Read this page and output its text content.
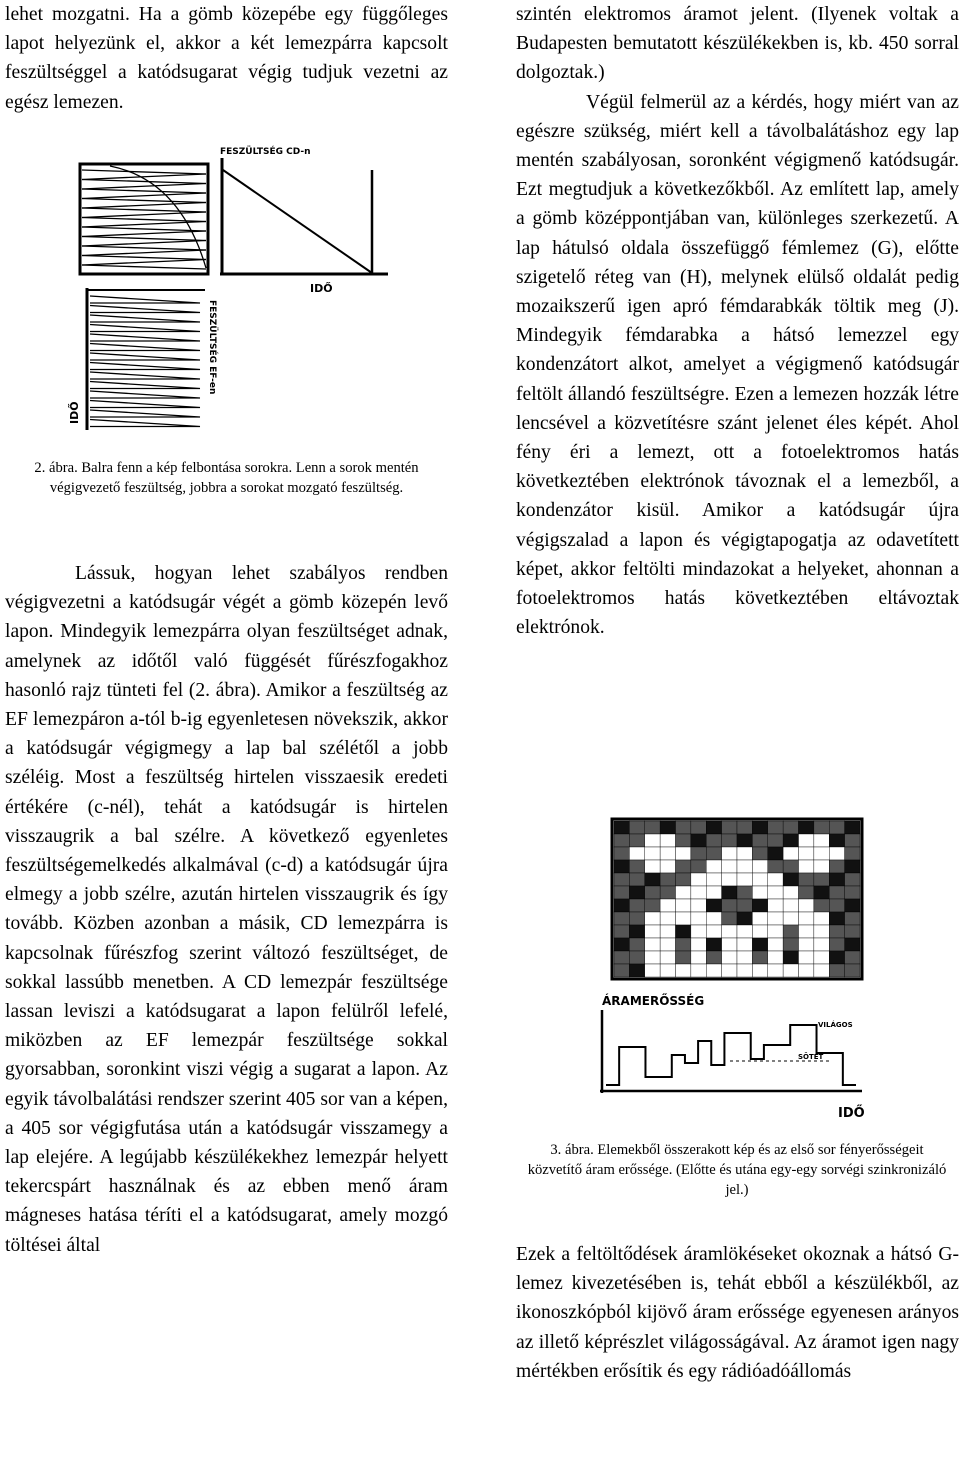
lehet mozgatni. Ha a gömb közepébe egy függőleges lapot helyezünk el, akkor a két lemezpárra kapcsolt feszültséggel a katódsugarat végig tudjuk vezetni az egész lemezen.

FESZÜLTSÉG CD-n
IDŐ
FESZÜLTSÉG EF-en
IDŐ

2. ábra. Balra fenn a kép felbontása sorokra. Lenn a sorok mentén végigvezető feszültség, jobbra a sorokat mozgató feszültség.

Lássuk, hogyan lehet szabályos rendben végigvezetni a katódsugár végét a gömb közepén levő lapon. Mindegyik lemezpárra olyan feszültséget adnak, amelynek az időtől való függését fűrészfogakhoz hasonló rajz tünteti fel (2. ábra). Amikor a feszültség az EF lemezpáron a-tól b-ig egyenletesen növekszik, akkor a katódsugár végigmegy a lap bal szélétől a jobb széléig. Most a feszültség hirtelen visszaesik eredeti értékére (c-nél), tehát a katódsugár is hirtelen visszaugrik a bal szélre. A következő egyenletes feszültségemelkedés alkalmával (c-d) a katódsugár újra elmegy a jobb szélre, azután hirtelen visszaugrik és így tovább. Közben azonban a másik, CD lemezpárra is kapcsolnak fűrészfog szerint változó feszültséget, de sokkal lassúbb menetben. A CD lemezpár feszültsége lassan leviszi a katódsugarat a lapon felülről lefelé, miközben az EF lemezpár feszültsége sokkal gyorsabban, soronkint viszi végig a sugarat a lapon. Az egyik távolbalátási rendszer szerint 405 sor van a képen, a 405 sor végigfutása után a katódsugár visszamegy a lap elejére. A legújabb készülékekhez lemezpár helyett tekercspárt használnak és az ebben menő áram mágneses hatása téríti el a katódsugarat, amely mozgó töltései által

szintén elektromos áramot jelent. (Ilyenek voltak a Budapesten bemutatott készülékekben is, kb. 450 sorral dolgoztak.)

Végül felmerül az a kérdés, hogy miért van az egészre szükség, miért kell a távolbalátáshoz egy lap mentén szabályosan, soronként végigmenő katódsugár. Ezt megtudjuk a következőkből. Az említett lap, amely a gömb középpontjában van, különleges szerkezetű. A lap hátulsó oldala összefüggő fémlemez (G), előtte szigetelő réteg van (H), melynek elülső oldalát pedig mozaikszerű igen apró fémdarabkák töltik meg (J). Mindegyik fémdarabka a hátsó lemezzel egy kondenzátort alkot, amelyet a végigmenő katódsugár feltölt állandó feszültségre. Ezen a lemezen hozzák létre lencsével a közvetítésre szánt jelenet éles képét. Ahol fény éri a lemezt, ott a fotoelektromos hatás következtében elektrónok távoznak el a lemezből, a kondenzátor kisül. Amikor a katódsugár újra végigszalad a lapon és végigtapogatja az odavetített képet, akkor feltölti mindazokat a helyeket, ahonnan a fotoelektromos hatás következtében eltávoztak elektrónok.

ÁRAMERŐSSÉG
VILÁGOS
SÖTÉT
IDŐ

3. ábra. Elemekből összerakott kép és az első sor fényerősségeit közvetítő áram erőssége. (Előtte és utána egy-egy sorvégi szinkronizáló jel.)

Ezek a feltöltődések áramlökéseket okoznak a hátsó G-lemez kivezetésében is, tehát ebből a készülékből, az ikonoszkópból kijövő áram erőssége egyenesen arányos az illető képrészlet világosságával. Az áramot igen nagy mértékben erősítik és egy rádióadóállomás
